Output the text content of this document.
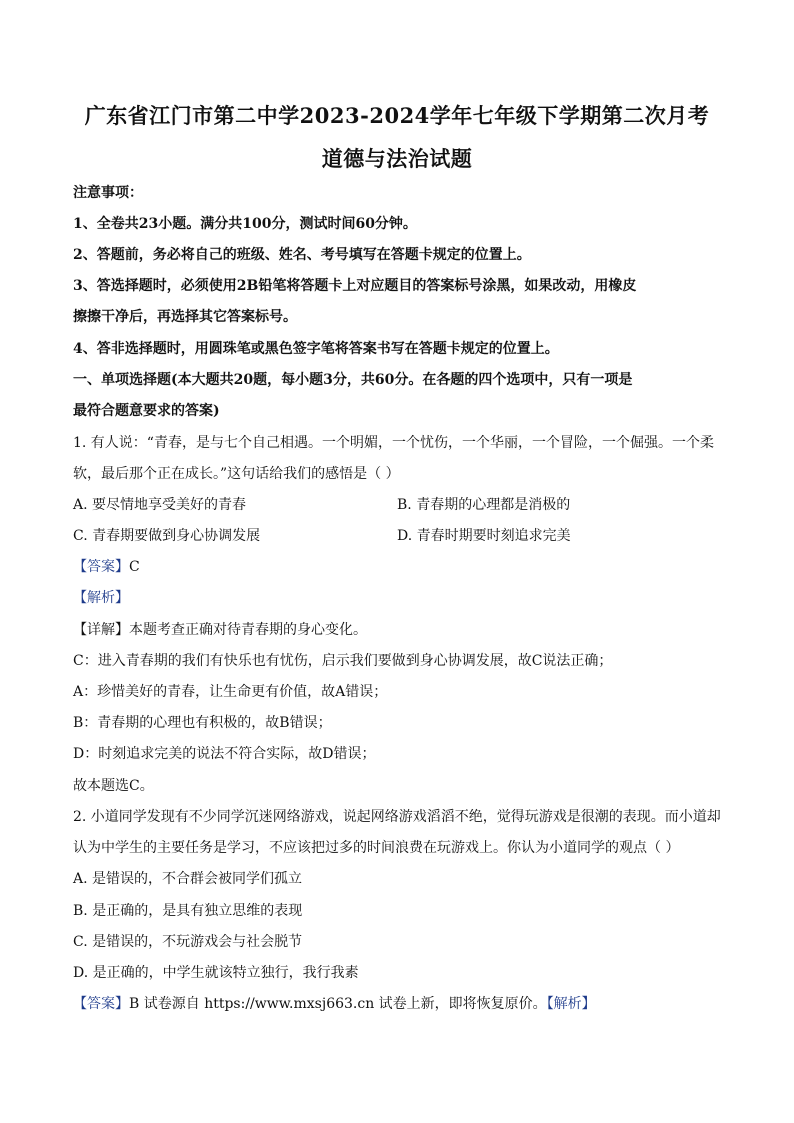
广东省江门市第二中学2023-2024学年七年级下学期第二次月考
道德与法治试题
注意事项：
1、全卷共23小题。满分共100分，测试时间60分钟。
2、答题前，务必将自己的班级、姓名、考号填写在答题卡规定的位置上。
3、答选择题时，必须使用2B铅笔将答题卡上对应题目的答案标号涂黑，如果改动，用橡皮
擦擦干净后，再选择其它答案标号。
4、答非选择题时，用圆珠笔或黑色签字笔将答案书写在答题卡规定的位置上。
一、单项选择题(本大题共20题，每小题3分，共60分。在各题的四个选项中，只有一项是
最符合题意要求的答案)
1. 有人说：“青春，是与七个自己相遇。一个明媚，一个忧伤，一个华丽，一个冒险，一个倔强。一个柔
软，最后那个正在成长。”这句话给我们的感悟是（ ）
A. 要尽情地享受美好的青春	B. 青春期的心理都是消极的
C. 青春期要做到身心协调发展	D. 青春时期要时刻追求完美
【答案】C
【解析】
【详解】本题考查正确对待青春期的身心变化。
C：进入青春期的我们有快乐也有忧伤，启示我们要做到身心协调发展，故C说法正确；
A：珍惜美好的青春，让生命更有价值，故A错误；
B：青春期的心理也有积极的，故B错误；
D：时刻追求完美的说法不符合实际，故D错误；
故本题选C。
2. 小道同学发现有不少同学沉迷网络游戏，说起网络游戏滔滔不绝，觉得玩游戏是很潮的表现。而小道却
认为中学生的主要任务是学习，不应该把过多的时间浪费在玩游戏上。你认为小道同学的观点（ ）
A. 是错误的，不合群会被同学们孤立
B. 是正确的，是具有独立思维的表现
C. 是错误的，不玩游戏会与社会脱节
D. 是正确的，中学生就该特立独行，我行我素
【答案】B 试卷源自 https://www.mxsj663.cn 试卷上新，即将恢复原价。【解析】
